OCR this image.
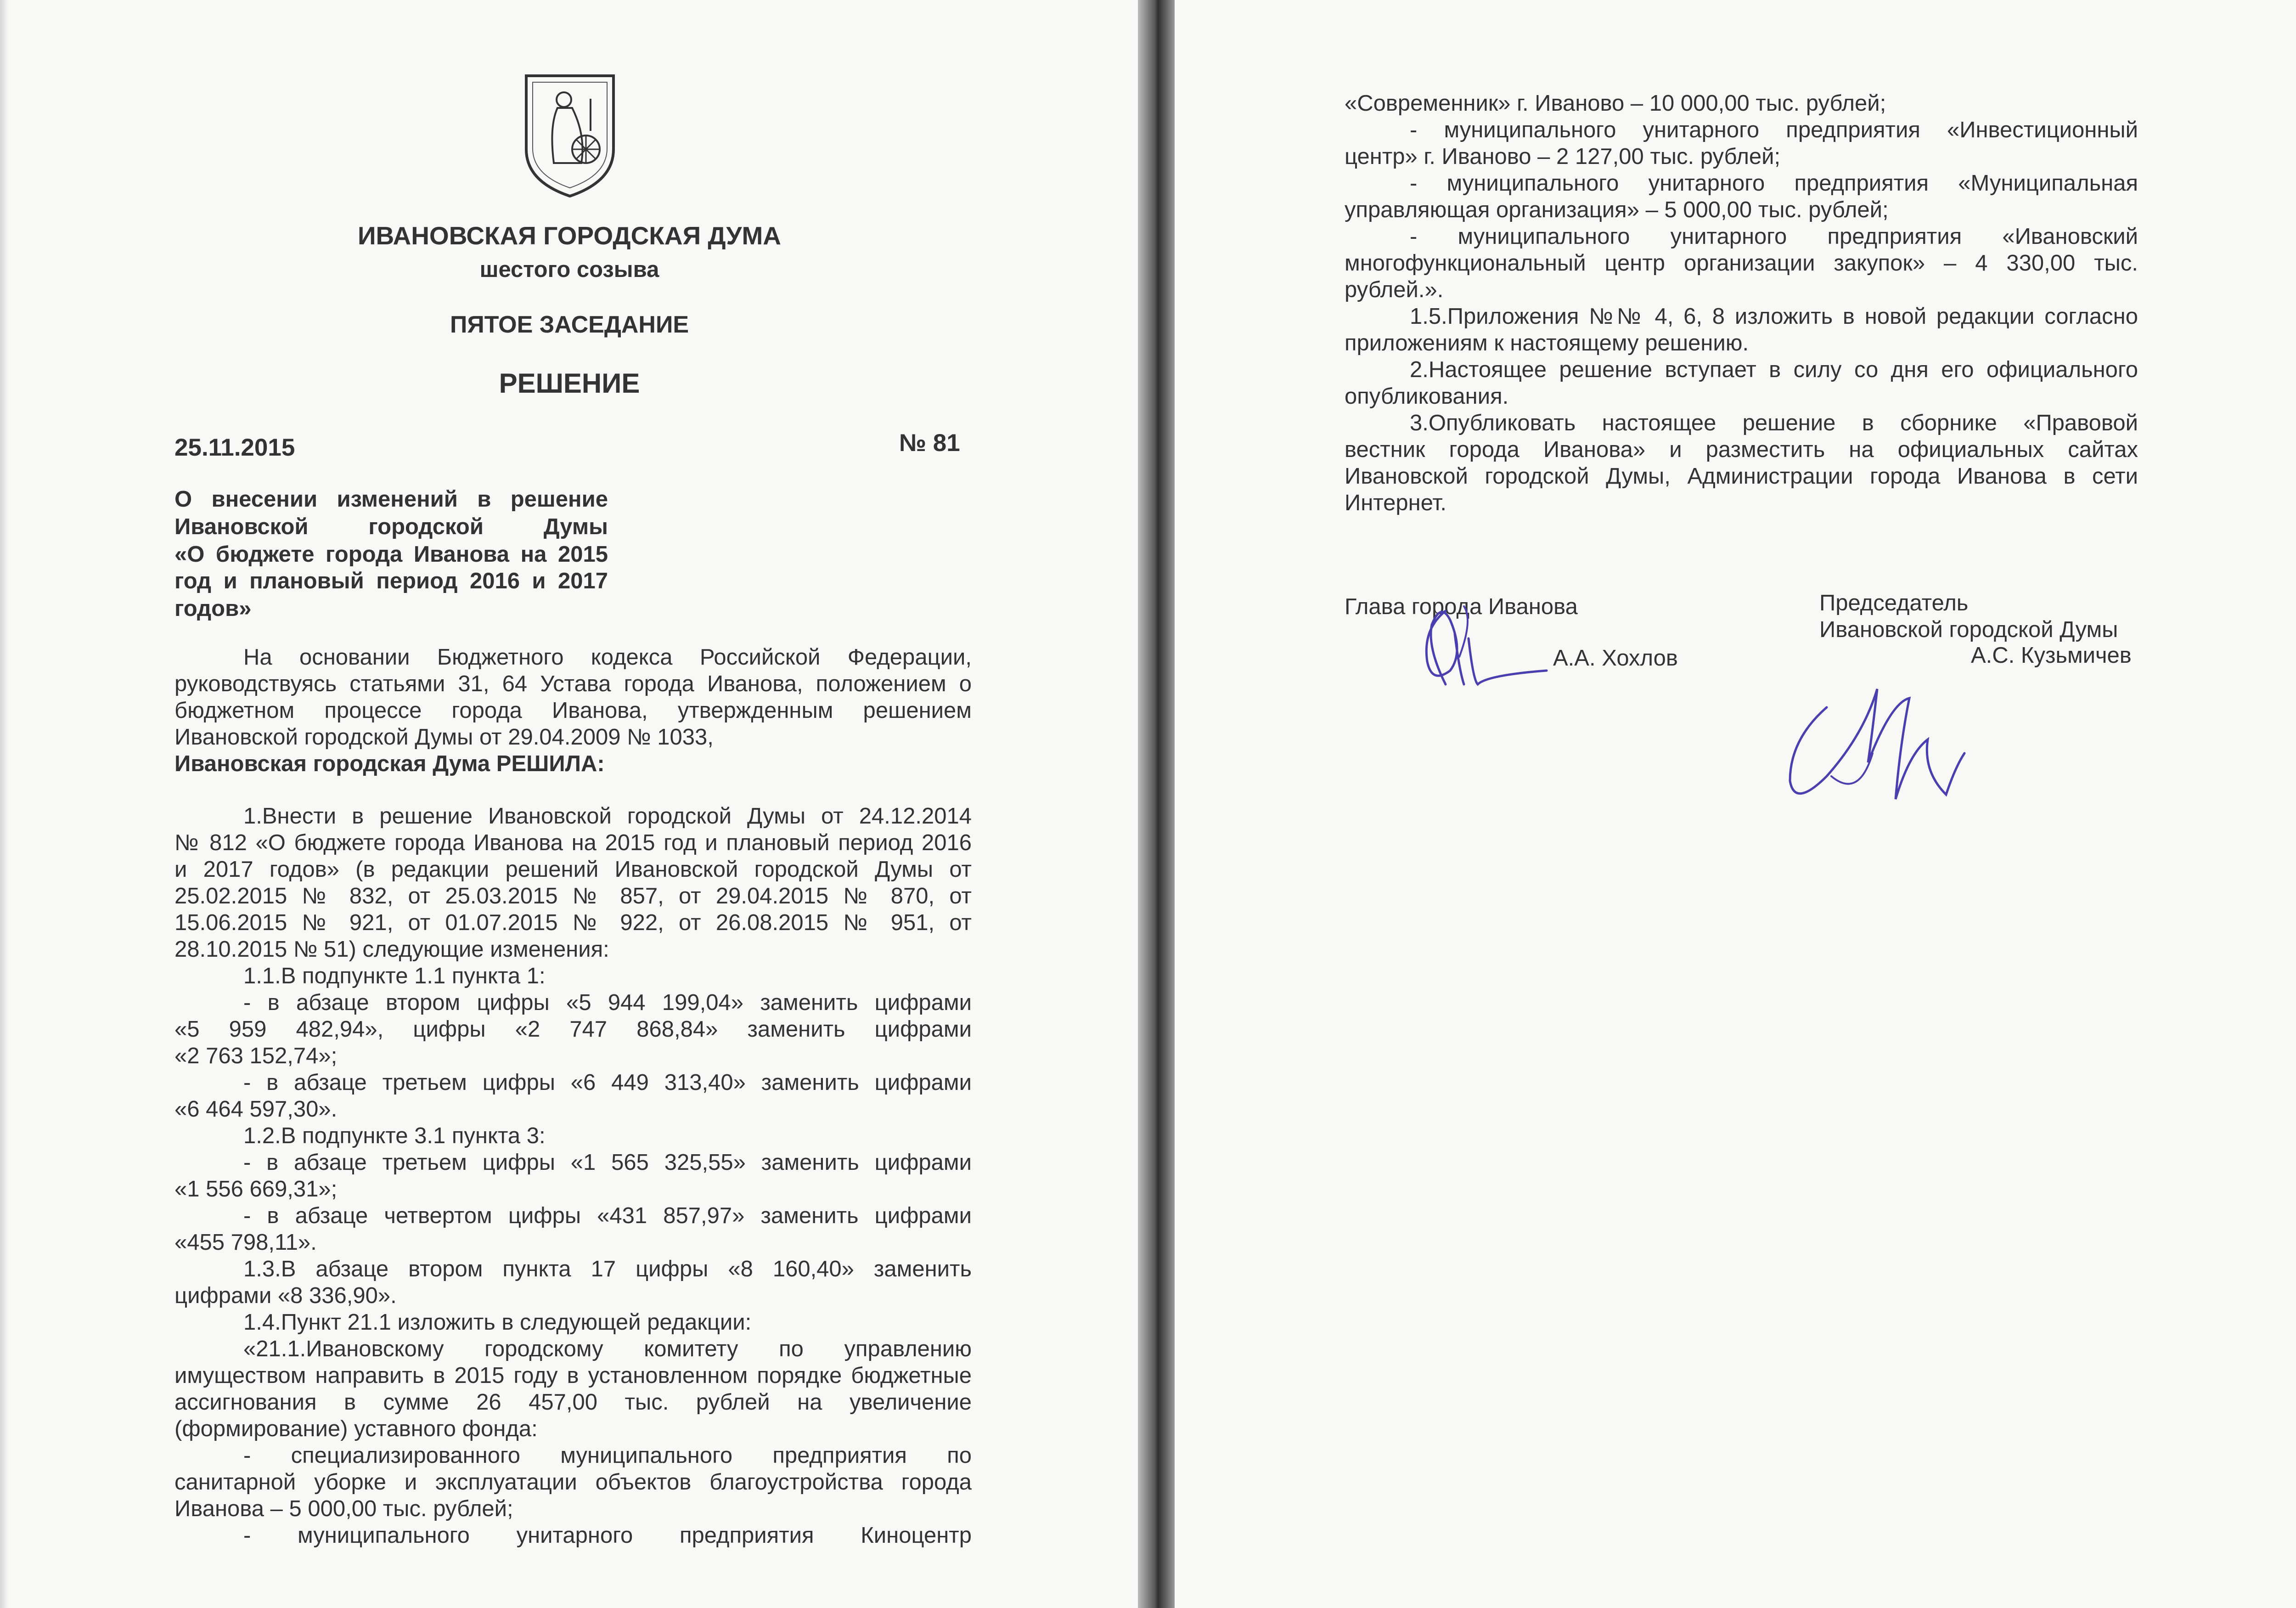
ИВАНОВСКАЯ ГОРОДСКАЯ ДУМА
шестого созыва
ПЯТОЕ ЗАСЕДАНИЕ
РЕШЕНИЕ
25.11.2015	№ 81
О внесении изменений в решение
Ивановской городской Думы
«О бюджете города Иванова на 2015
год и плановый период 2016 и 2017
годов»
На основании Бюджетного кодекса Российской Федерации,
руководствуясь статьями 31, 64 Устава города Иванова, положением о
бюджетном процессе города Иванова, утвержденным решением
Ивановской городской Думы от 29.04.2009 № 1033,
Ивановская городская Дума РЕШИЛА:
1.Внести в решение Ивановской городской Думы от 24.12.2014
№ 812 «О бюджете города Иванова на 2015 год и плановый период 2016
и 2017 годов» (в редакции решений Ивановской городской Думы от
25.02.2015 № 832, от 25.03.2015 № 857, от 29.04.2015 № 870, от
15.06.2015 № 921, от 01.07.2015 № 922, от 26.08.2015 № 951, от
28.10.2015 № 51) следующие изменения:
1.1.В подпункте 1.1 пункта 1:
- в абзаце втором цифры «5 944 199,04» заменить цифрами
«5 959 482,94», цифры «2 747 868,84» заменить цифрами
«2 763 152,74»;
- в абзаце третьем цифры «6 449 313,40» заменить цифрами
«6 464 597,30».
1.2.В подпункте 3.1 пункта 3:
- в абзаце третьем цифры «1 565 325,55» заменить цифрами
«1 556 669,31»;
- в абзаце четвертом цифры «431 857,97» заменить цифрами
«455 798,11».
1.3.В абзаце втором пункта 17 цифры «8 160,40» заменить
цифрами «8 336,90».
1.4.Пункт 21.1 изложить в следующей редакции:
«21.1.Ивановскому городскому комитету по управлению
имуществом направить в 2015 году в установленном порядке бюджетные
ассигнования в сумме 26 457,00 тыс. рублей на увеличение
(формирование) уставного фонда:
- специализированного муниципального предприятия по
санитарной уборке и эксплуатации объектов благоустройства города
Иванова – 5 000,00 тыс. рублей;
- муниципального унитарного предприятия Киноцентр
«Современник» г. Иваново – 10 000,00 тыс. рублей;
- муниципального унитарного предприятия «Инвестиционный
центр» г. Иваново – 2 127,00 тыс. рублей;
- муниципального унитарного предприятия «Муниципальная
управляющая организация» – 5 000,00 тыс. рублей;
- муниципального унитарного предприятия «Ивановский
многофункциональный центр организации закупок» – 4 330,00 тыс.
рублей.».
1.5.Приложения №№ 4, 6, 8 изложить в новой редакции согласно
приложениям к настоящему решению.
2.Настоящее решение вступает в силу со дня его официального
опубликования.
3.Опубликовать настоящее решение в сборнике «Правовой
вестник города Иванова» и разместить на официальных сайтах
Ивановской городской Думы, Администрации города Иванова в сети
Интернет.
Глава города Иванова
А.А. Хохлов
Председатель
Ивановской городской Думы
А.С. Кузьмичев
